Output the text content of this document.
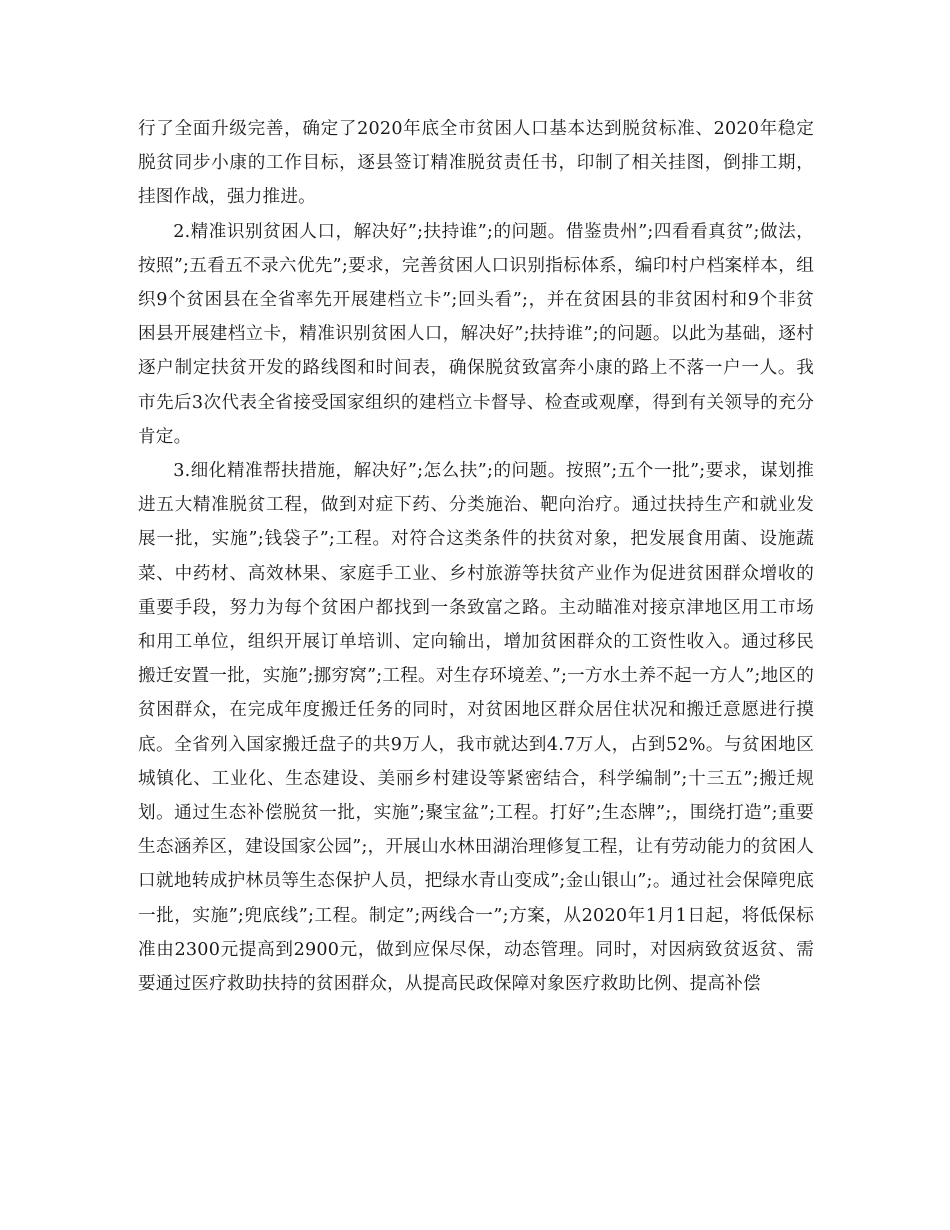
行了全面升级完善，确定了2020年底全市贫困人口基本达到脱贫标准、2020年稳定脱贫同步小康的工作目标，逐县签订精准脱贫责任书，印制了相关挂图，倒排工期，挂图作战，强力推进。

2.精准识别贫困人口，解决好”;扶持谁”;的问题。借鉴贵州”;四看看真贫”;做法，按照”;五看五不录六优先”;要求，完善贫困人口识别指标体系，编印村户档案样本，组织9个贫困县在全省率先开展建档立卡”;回头看”;，并在贫困县的非贫困村和9个非贫困县开展建档立卡，精准识别贫困人口，解决好”;扶持谁”;的问题。以此为基础，逐村逐户制定扶贫开发的路线图和时间表，确保脱贫致富奔小康的路上不落一户一人。我市先后3次代表全省接受国家组织的建档立卡督导、检查或观摩，得到有关领导的充分肯定。

3.细化精准帮扶措施，解决好”;怎么扶”;的问题。按照”;五个一批”;要求，谋划推进五大精准脱贫工程，做到对症下药、分类施治、靶向治疗。通过扶持生产和就业发展一批，实施”;钱袋子”;工程。对符合这类条件的扶贫对象，把发展食用菌、设施蔬菜、中药材、高效林果、家庭手工业、乡村旅游等扶贫产业作为促进贫困群众增收的重要手段，努力为每个贫困户都找到一条致富之路。主动瞄准对接京津地区用工市场和用工单位，组织开展订单培训、定向输出，增加贫困群众的工资性收入。通过移民搬迁安置一批，实施”;挪穷窝”;工程。对生存环境差、”;一方水土养不起一方人”;地区的贫困群众，在完成年度搬迁任务的同时，对贫困地区群众居住状况和搬迁意愿进行摸底。全省列入国家搬迁盘子的共9万人，我市就达到4.7万人，占到52%。与贫困地区城镇化、工业化、生态建设、美丽乡村建设等紧密结合，科学编制”;十三五”;搬迁规划。通过生态补偿脱贫一批，实施”;聚宝盆”;工程。打好”;生态牌”;，围绕打造”;重要生态涵养区，建设国家公园”;，开展山水林田湖治理修复工程，让有劳动能力的贫困人口就地转成护林员等生态保护人员，把绿水青山变成”;金山银山”;。通过社会保障兜底一批，实施”;兜底线”;工程。制定”;两线合一”;方案，从2020年1月1日起，将低保标准由2300元提高到2900元，做到应保尽保，动态管理。同时，对因病致贫返贫、需要通过医疗救助扶持的贫困群众，从提高民政保障对象医疗救助比例、提高补偿
